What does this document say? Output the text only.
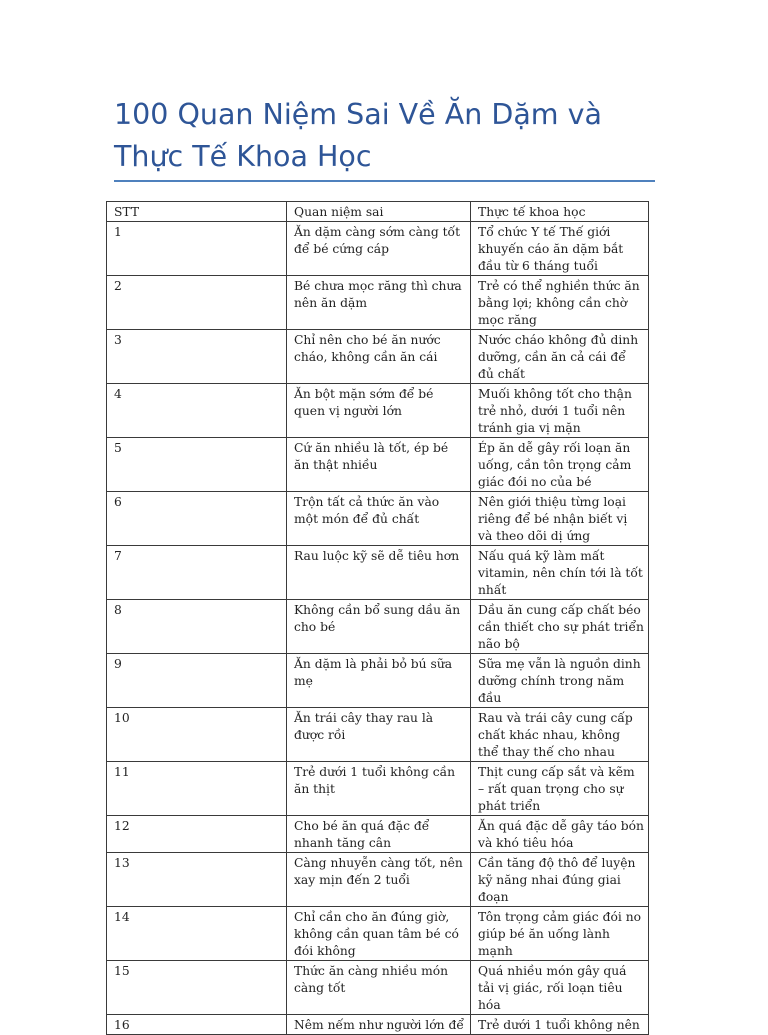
100 Quan Niệm Sai Về Ăn Dặm và Thực Tế Khoa Học
STT	Quan niệm sai	Thực tế khoa học
1	Ăn dặm càng sớm càng tốt để bé cứng cáp	Tổ chức Y tế Thế giới khuyến cáo ăn dặm bắt đầu từ 6 tháng tuổi
2	Bé chưa mọc răng thì chưa nên ăn dặm	Trẻ có thể nghiền thức ăn bằng lợi; không cần chờ mọc răng
3	Chỉ nên cho bé ăn nước cháo, không cần ăn cái	Nước cháo không đủ dinh dưỡng, cần ăn cả cái để đủ chất
4	Ăn bột mặn sớm để bé quen vị người lớn	Muối không tốt cho thận trẻ nhỏ, dưới 1 tuổi nên tránh gia vị mặn
5	Cứ ăn nhiều là tốt, ép bé ăn thật nhiều	Ép ăn dễ gây rối loạn ăn uống, cần tôn trọng cảm giác đói no của bé
6	Trộn tất cả thức ăn vào một món để đủ chất	Nên giới thiệu từng loại riêng để bé nhận biết vị và theo dõi dị ứng
7	Rau luộc kỹ sẽ dễ tiêu hơn	Nấu quá kỹ làm mất vitamin, nên chín tới là tốt nhất
8	Không cần bổ sung dầu ăn cho bé	Dầu ăn cung cấp chất béo cần thiết cho sự phát triển não bộ
9	Ăn dặm là phải bỏ bú sữa mẹ	Sữa mẹ vẫn là nguồn dinh dưỡng chính trong năm đầu
10	Ăn trái cây thay rau là được rồi	Rau và trái cây cung cấp chất khác nhau, không thể thay thế cho nhau
11	Trẻ dưới 1 tuổi không cần ăn thịt	Thịt cung cấp sắt và kẽm – rất quan trọng cho sự phát triển
12	Cho bé ăn quá đặc để nhanh tăng cân	Ăn quá đặc dễ gây táo bón và khó tiêu hóa
13	Càng nhuyễn càng tốt, nên xay mịn đến 2 tuổi	Cần tăng độ thô để luyện kỹ năng nhai đúng giai đoạn
14	Chỉ cần cho ăn đúng giờ, không cần quan tâm bé có đói không	Tôn trọng cảm giác đói no giúp bé ăn uống lành mạnh
15	Thức ăn càng nhiều món càng tốt	Quá nhiều món gây quá tải vị giác, rối loạn tiêu hóa
16	Nêm nếm như người lớn để	Trẻ dưới 1 tuổi không nên
